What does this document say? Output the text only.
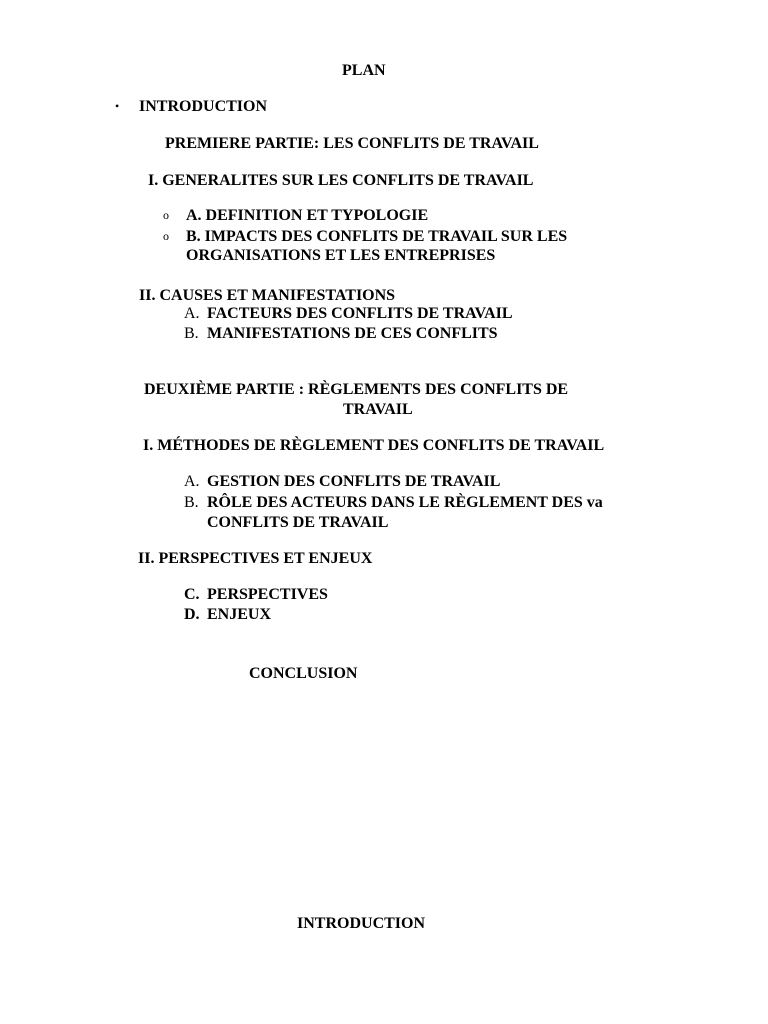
PLAN
• INTRODUCTION
PREMIERE PARTIE: LES CONFLITS DE TRAVAIL
I. GENERALITES SUR LES CONFLITS DE TRAVAIL
o A. DEFINITION ET TYPOLOGIE
o B. IMPACTS DES CONFLITS DE TRAVAIL SUR LES
ORGANISATIONS ET LES ENTREPRISES
II. CAUSES ET MANIFESTATIONS
A. FACTEURS DES CONFLITS DE TRAVAIL
B. MANIFESTATIONS DE CES CONFLITS
DEUXIÈME PARTIE : RÈGLEMENTS DES CONFLITS DE
TRAVAIL
I. MÉTHODES DE RÈGLEMENT DES CONFLITS DE TRAVAIL
A. GESTION DES CONFLITS DE TRAVAIL
B. RÔLE DES ACTEURS DANS LE RÈGLEMENT DES va
CONFLITS DE TRAVAIL
II. PERSPECTIVES ET ENJEUX
C. PERSPECTIVES
D. ENJEUX
CONCLUSION
INTRODUCTION
